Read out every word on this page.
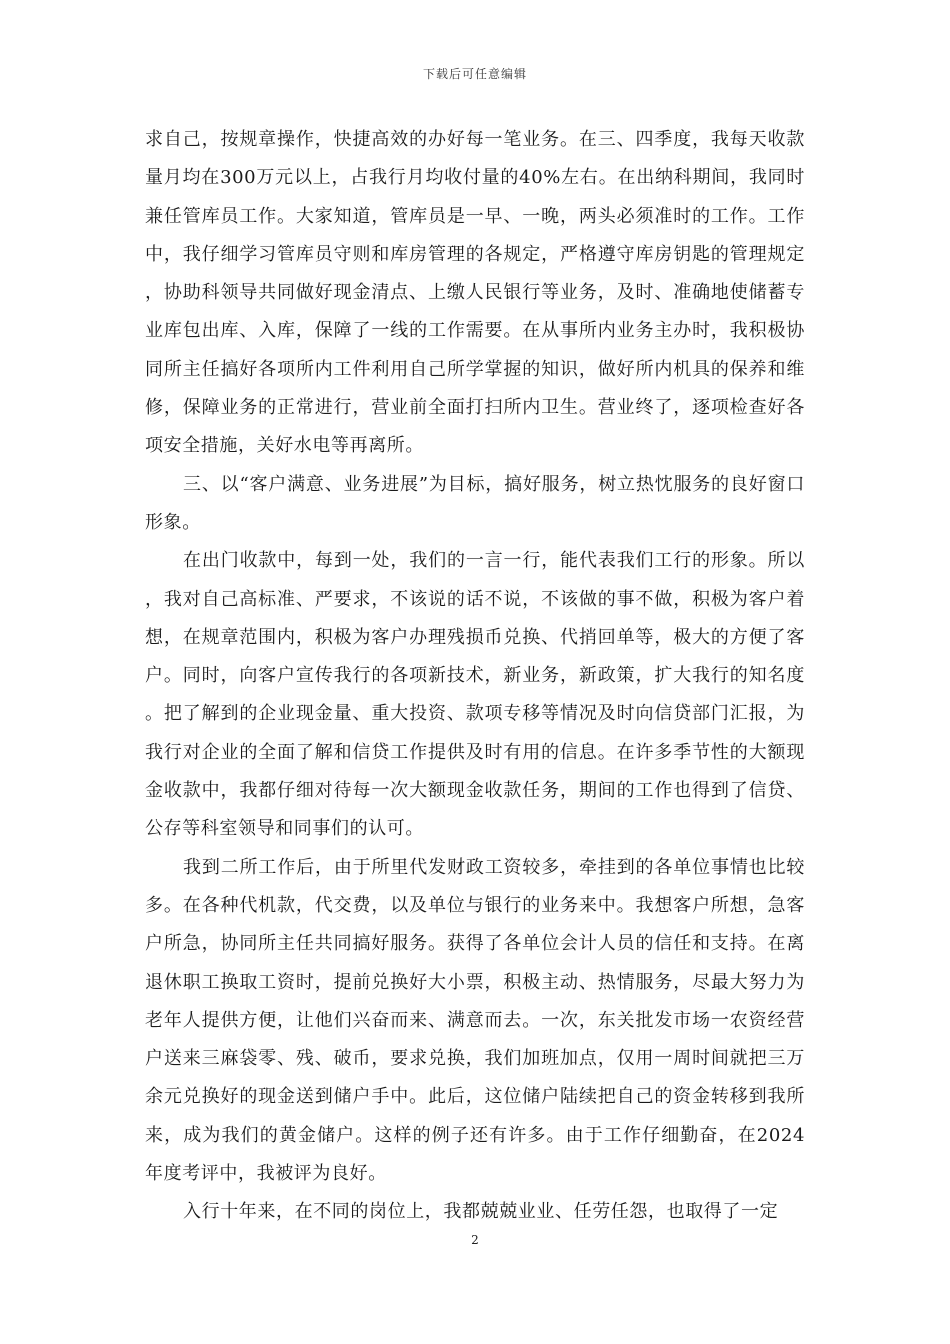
下载后可任意编辑

求自己，按规章操作，快捷高效的办好每一笔业务。在三、四季度，我每天收款量月均在300万元以上，占我行月均收付量的40%左右。在出纳科期间，我同时兼任管库员工作。大家知道，管库员是一早、一晚，两头必须准时的工作。工作中，我仔细学习管库员守则和库房管理的各规定，严格遵守库房钥匙的管理规定，协助科领导共同做好现金清点、上缴人民银行等业务，及时、准确地使储蓄专业库包出库、入库，保障了一线的工作需要。在从事所内业务主办时，我积极协同所主任搞好各项所内工件利用自己所学掌握的知识，做好所内机具的保养和维修，保障业务的正常进行，营业前全面打扫所内卫生。营业终了，逐项检查好各项安全措施，关好水电等再离所。

三、以“客户满意、业务进展”为目标，搞好服务，树立热忱服务的良好窗口形象。

在出门收款中，每到一处，我们的一言一行，能代表我们工行的形象。所以，我对自己高标准、严要求，不该说的话不说，不该做的事不做，积极为客户着想，在规章范围内，积极为客户办理残损币兑换、代捎回单等，极大的方便了客户。同时，向客户宣传我行的各项新技术，新业务，新政策，扩大我行的知名度。把了解到的企业现金量、重大投资、款项专移等情况及时向信贷部门汇报，为我行对企业的全面了解和信贷工作提供及时有用的信息。在许多季节性的大额现金收款中，我都仔细对待每一次大额现金收款任务，期间的工作也得到了信贷、公存等科室领导和同事们的认可。

我到二所工作后，由于所里代发财政工资较多，牵挂到的各单位事情也比较多。在各种代机款，代交费，以及单位与银行的业务来中。我想客户所想，急客户所急，协同所主任共同搞好服务。获得了各单位会计人员的信任和支持。在离退休职工换取工资时，提前兑换好大小票，积极主动、热情服务，尽最大努力为老年人提供方便，让他们兴奋而来、满意而去。一次，东关批发市场一农资经营户送来三麻袋零、残、破币，要求兑换，我们加班加点，仅用一周时间就把三万余元兑换好的现金送到储户手中。此后，这位储户陆续把自己的资金转移到我所来，成为我们的黄金储户。这样的例子还有许多。由于工作仔细勤奋，在2024年度考评中，我被评为良好。

入行十年来，在不同的岗位上，我都兢兢业业、任劳任怨，也取得了一定

2
